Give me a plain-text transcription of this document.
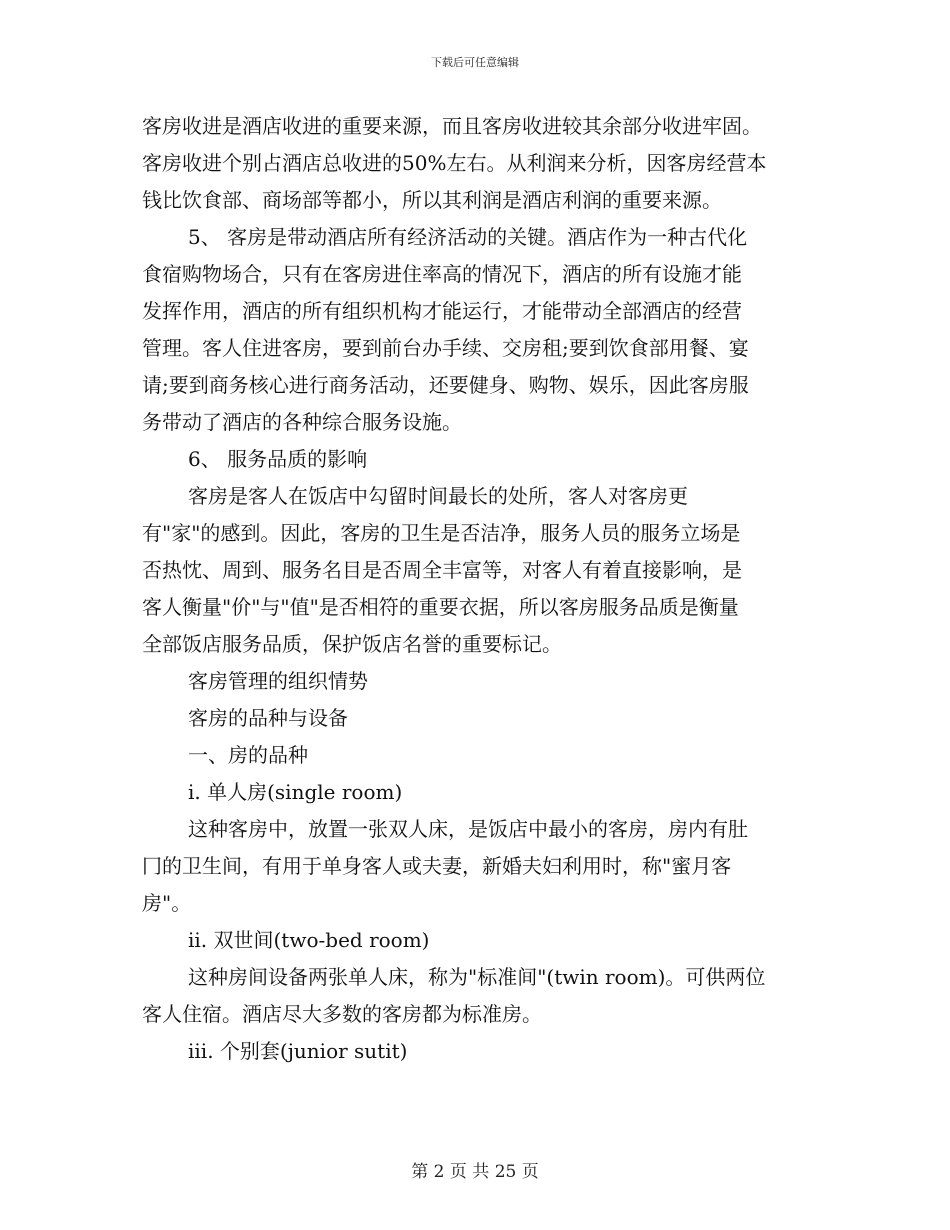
下载后可任意编辑
客房收进是酒店收进的重要来源，而且客房收进较其余部分收进牢固。
客房收进个别占酒店总收进的50%左右。从利润来分析，因客房经营本
钱比饮食部、商场部等都小，所以其利润是酒店利润的重要来源。
5、 客房是带动酒店所有经济活动的关键。酒店作为一种古代化
食宿购物场合，只有在客房进住率高的情况下，酒店的所有设施才能
发挥作用，酒店的所有组织机构才能运行，才能带动全部酒店的经营
管理。客人住进客房，要到前台办手续、交房租;要到饮食部用餐、宴
请;要到商务核心进行商务活动，还要健身、购物、娱乐，因此客房服
务带动了酒店的各种综合服务设施。
6、 服务品质的影响
客房是客人在饭店中勾留时间最长的处所，客人对客房更
有"家"的感到。因此，客房的卫生是否洁净，服务人员的服务立场是
否热忱、周到、服务名目是否周全丰富等，对客人有着直接影响，是
客人衡量"价"与"值"是否相符的重要衣据，所以客房服务品质是衡量
全部饭店服务品质，保护饭店名誉的重要标记。
客房管理的组织情势
客房的品种与设备
一、房的品种
i. 单人房(single room)
这种客房中，放置一张双人床，是饭店中最小的客房，房内有肚
冂的卫生间，有用于单身客人或夫妻，新婚夫妇利用时，称"蜜月客
房"。
ii. 双世间(two-bed room)
这种房间设备两张单人床，称为"标准间"(twin room)。可供两位
客人住宿。酒店尽大多数的客房都为标准房。
iii. 个别套(junior sutit)
第 2 页 共 25 页
